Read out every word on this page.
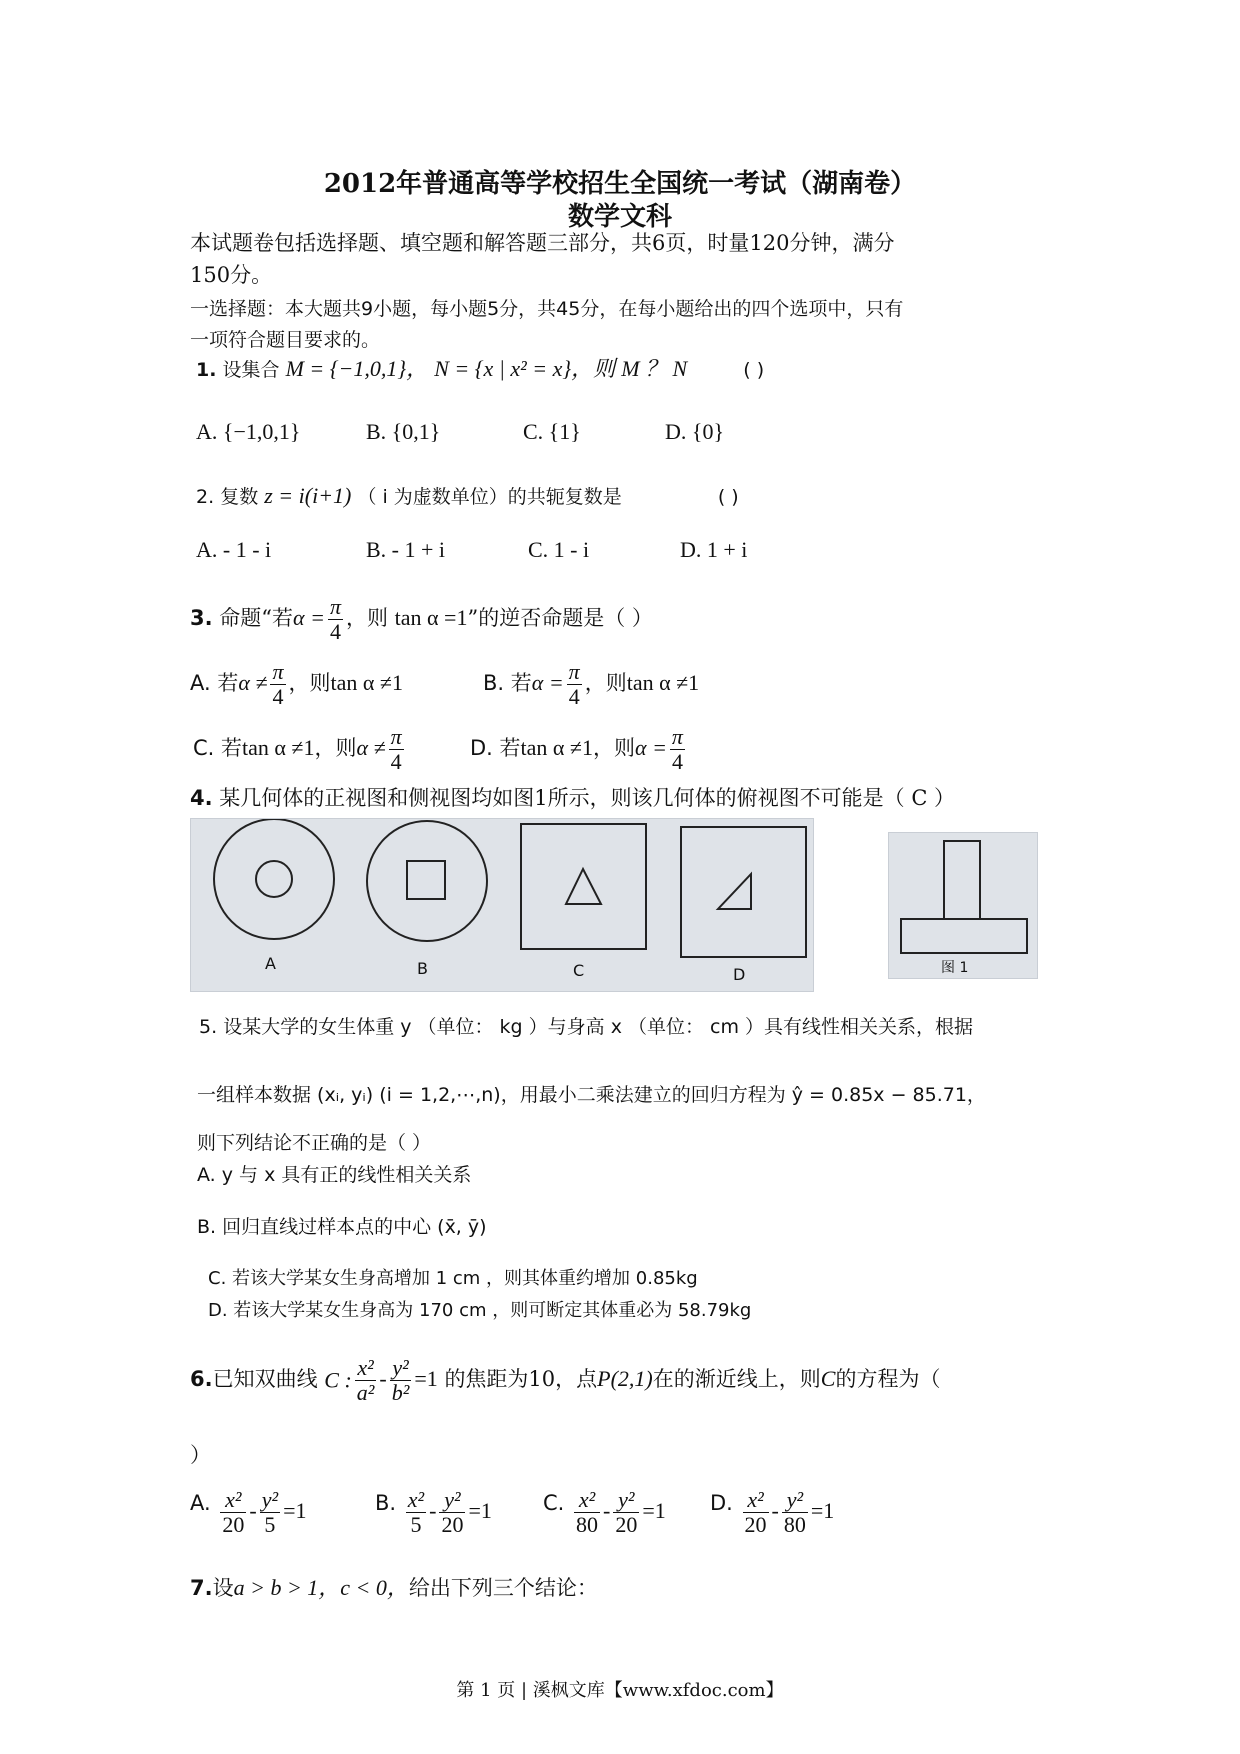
2012年普通高等学校招生全国统一考试（湖南卷）
数学文科
本试题卷包括选择题、填空题和解答题三部分，共6页，时量120分钟，满分
150分。
一选择题：本大题共9小题，每小题5分，共45分，在每小题给出的四个选项中，只有
一项符合题目要求的。
1. 设集合 M = {−1,0,1}， N = {x | x² = x}，则 M ？ N	( )
A. {−1,0,1}	B. {0,1}	C. {1}	D. {0}
2. 复数 z = i(i+1) （ i 为虚数单位）的共轭复数是	( )
A. - 1 - i	B. - 1 + i	C. 1 - i	D. 1 + i
3. 命题“若$\alpha = \frac{\pi}{4}$ ，则 tan α =1”的逆否命题是（ ）
A. 若$\alpha \ne \frac{\pi}{4}$ ，则tan α ≠1	B. 若$\alpha = \frac{\pi}{4}$ ，则tan α ≠1
C. 若tan α ≠1，则$\alpha \ne \frac{\pi}{4}$	D. 若tan α ≠1，则$\alpha = \frac{\pi}{4}$
4. 某几何体的正视图和侧视图均如图1所示，则该几何体的俯视图不可能是（ C ）
A	B	C	D	图 1
5. 设某大学的女生体重 y （单位： kg ）与身高 x （单位： cm ）具有线性相关关系，根据
一组样本数据 (xᵢ, yᵢ) (i = 1,2,⋯,n)，用最小二乘法建立的回归方程为 ŷ = 0.85x − 85.71，
则下列结论不正确的是（ ）
A. y 与 x 具有正的线性相关关系
B. 回归直线过样本点的中心 (x̄, ȳ)
C. 若该大学某女生身高增加 1 cm ，则其体重约增加 0.85kg
D. 若该大学某女生身高为 170 cm ，则可断定其体重必为 58.79kg
6.已知双曲线 C : $\frac{\text{x²}}{\text{a²}} - \frac{\text{y²}}{\text{b²}} =1$ 的焦距为10，点P(2,1)在的渐近线上，则C的方程为（
）
A. $\frac{\text{x²}}{20} - \frac{\text{y²}}{5} =1$	B. $\frac{\text{x²}}{5} - \frac{\text{y²}}{20} =1$ C. $\frac{\text{x²}}{80} - \frac{\text{y²}}{20} =1$ D. $\frac{\text{x²}}{20} - \frac{\text{y²}}{80} =1$
7.设a > b > 1，c < 0，给出下列三个结论：
第 1 页 | 溪枫文库【www.xfdoc.com】
